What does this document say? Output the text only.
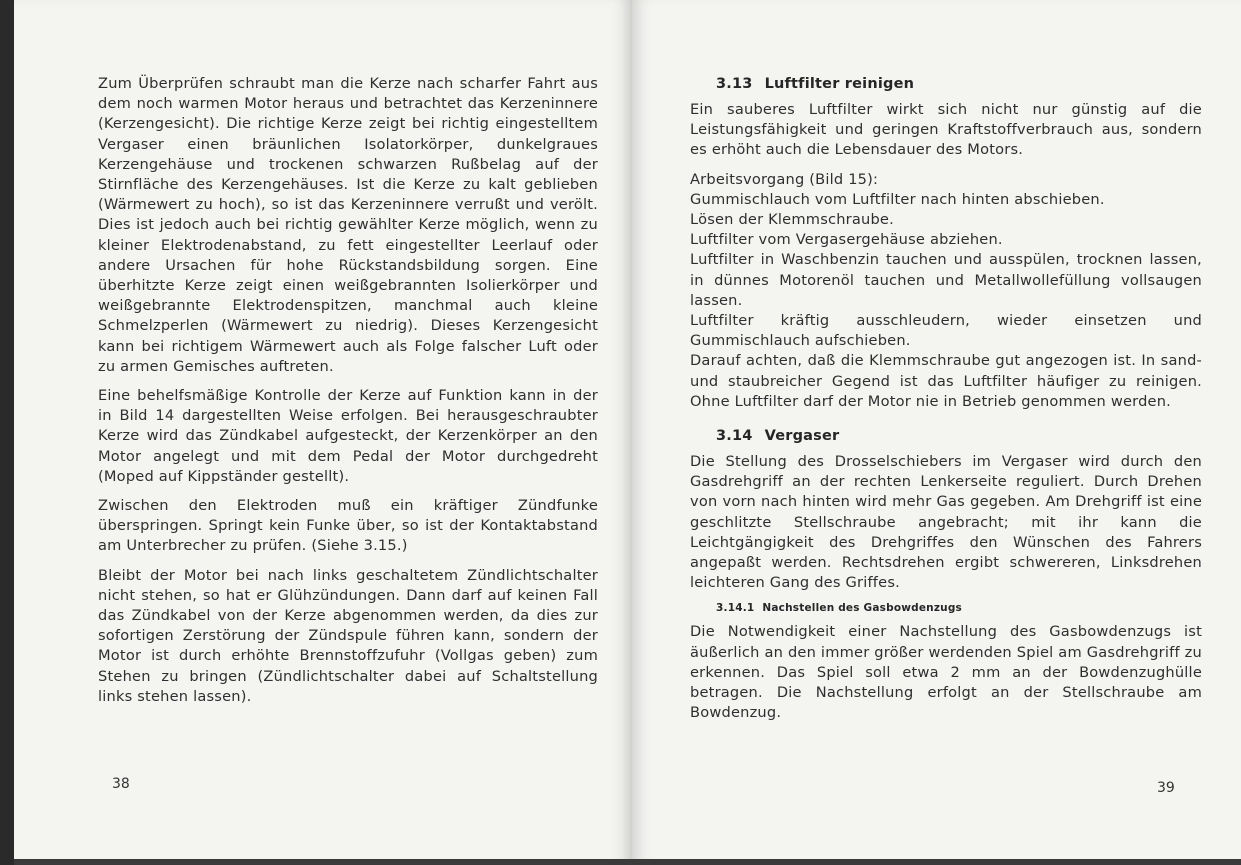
Zum Überprüfen schraubt man die Kerze nach scharfer Fahrt aus dem noch warmen Motor heraus und betrachtet das Kerzeninnere (Kerzengesicht). Die richtige Kerze zeigt bei richtig eingestelltem Vergaser einen bräunlichen Isolatorkörper, dunkelgraues Kerzengehäuse und trockenen schwarzen Rußbelag auf der Stirnfläche des Kerzengehäuses. Ist die Kerze zu kalt geblieben (Wärmewert zu hoch), so ist das Kerzeninnere verrußt und verölt. Dies ist jedoch auch bei richtig gewählter Kerze möglich, wenn zu kleiner Elektrodenabstand, zu fett eingestellter Leerlauf oder andere Ursachen für hohe Rückstandsbildung sorgen. Eine überhitzte Kerze zeigt einen weißgebrannten Isolierkörper und weißgebrannte Elektrodenspitzen, manchmal auch kleine Schmelzperlen (Wärmewert zu niedrig). Dieses Kerzengesicht kann bei richtigem Wärmewert auch als Folge falscher Luft oder zu armen Gemisches auftreten.

Eine behelfsmäßige Kontrolle der Kerze auf Funktion kann in der in Bild 14 dargestellten Weise erfolgen. Bei herausgeschraubter Kerze wird das Zündkabel aufgesteckt, der Kerzenkörper an den Motor angelegt und mit dem Pedal der Motor durchgedreht (Moped auf Kippständer gestellt).

Zwischen den Elektroden muß ein kräftiger Zündfunke überspringen. Springt kein Funke über, so ist der Kontaktabstand am Unterbrecher zu prüfen. (Siehe 3.15.)

Bleibt der Motor bei nach links geschaltetem Zündlichtschalter nicht stehen, so hat er Glühzündungen. Dann darf auf keinen Fall das Zündkabel von der Kerze abgenommen werden, da dies zur sofortigen Zerstörung der Zündspule führen kann, sondern der Motor ist durch erhöhte Brennstoffzufuhr (Vollgas geben) zum Stehen zu bringen (Zündlichtschalter dabei auf Schaltstellung links stehen lassen).

38
3.13 Luftfilter reinigen

Ein sauberes Luftfilter wirkt sich nicht nur günstig auf die Leistungsfähigkeit und geringen Kraftstoffverbrauch aus, sondern es erhöht auch die Lebensdauer des Motors.

Arbeitsvorgang (Bild 15):

Gummischlauch vom Luftfilter nach hinten abschieben.

Lösen der Klemmschraube.

Luftfilter vom Vergasergehäuse abziehen.

Luftfilter in Waschbenzin tauchen und ausspülen, trocknen lassen, in dünnes Motorenöl tauchen und Metallwollefüllung vollsaugen lassen.

Luftfilter kräftig ausschleudern, wieder einsetzen und Gummischlauch aufschieben.

Darauf achten, daß die Klemmschraube gut angezogen ist. In sand- und staubreicher Gegend ist das Luftfilter häufiger zu reinigen. Ohne Luftfilter darf der Motor nie in Betrieb genommen werden.

3.14 Vergaser

Die Stellung des Drosselschiebers im Vergaser wird durch den Gasdrehgriff an der rechten Lenkerseite reguliert. Durch Drehen von vorn nach hinten wird mehr Gas gegeben. Am Drehgriff ist eine geschlitzte Stellschraube angebracht; mit ihr kann die Leichtgängigkeit des Drehgriffes den Wünschen des Fahrers angepaßt werden. Rechtsdrehen ergibt schwereren, Linksdrehen leichteren Gang des Griffes.

3.14.1 Nachstellen des Gasbowdenzugs

Die Notwendigkeit einer Nachstellung des Gasbowdenzugs ist äußerlich an den immer größer werdenden Spiel am Gasdrehgriff zu erkennen. Das Spiel soll etwa 2 mm an der Bowdenzughülle betragen. Die Nachstellung erfolgt an der Stellschraube am Bowdenzug.

39
